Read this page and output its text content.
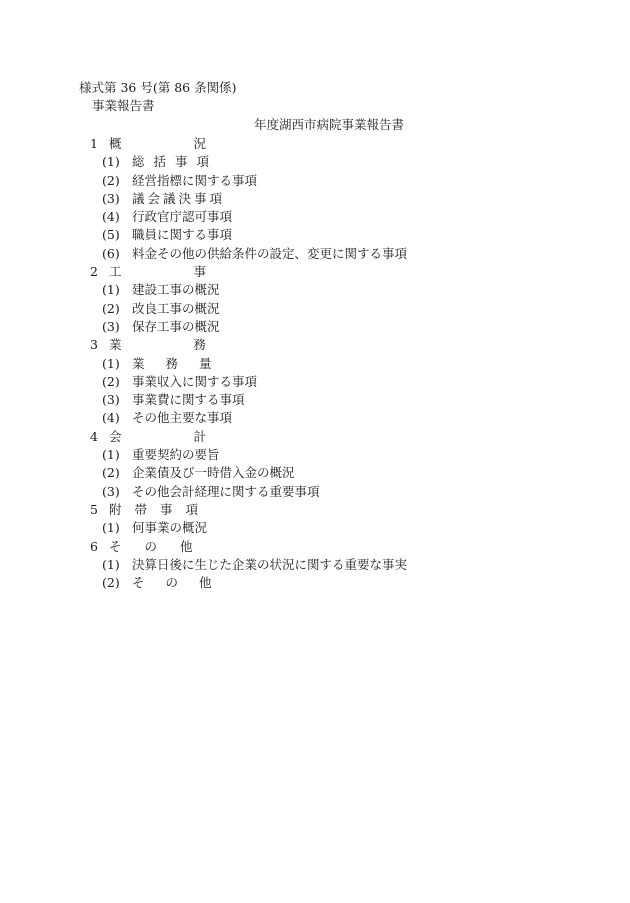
様式第 36 号(第 86 条関係)
事業報告書
年度湖西市病院事業報告書
1 概	況
(1) 総括事項
(2) 経営指標に関する事項
(3) 議会議決事項
(4) 行政官庁認可事項
(5) 職員に関する事項
(6) 料金その他の供給条件の設定、変更に関する事項
2 工	事
(1) 建設工事の概況
(2) 改良工事の概況
(3) 保存工事の概況
3 業	務
(1) 業務量
(2) 事業収入に関する事項
(3) 事業費に関する事項
(4) その他主要な事項
4 会	計
(1) 重要契約の要旨
(2) 企業債及び一時借入金の概況
(3) その他会計経理に関する重要事項
5 附帯事項
(1) 何事業の概況
6 その他
(1) 決算日後に生じた企業の状況に関する重要な事実
(2) その他
